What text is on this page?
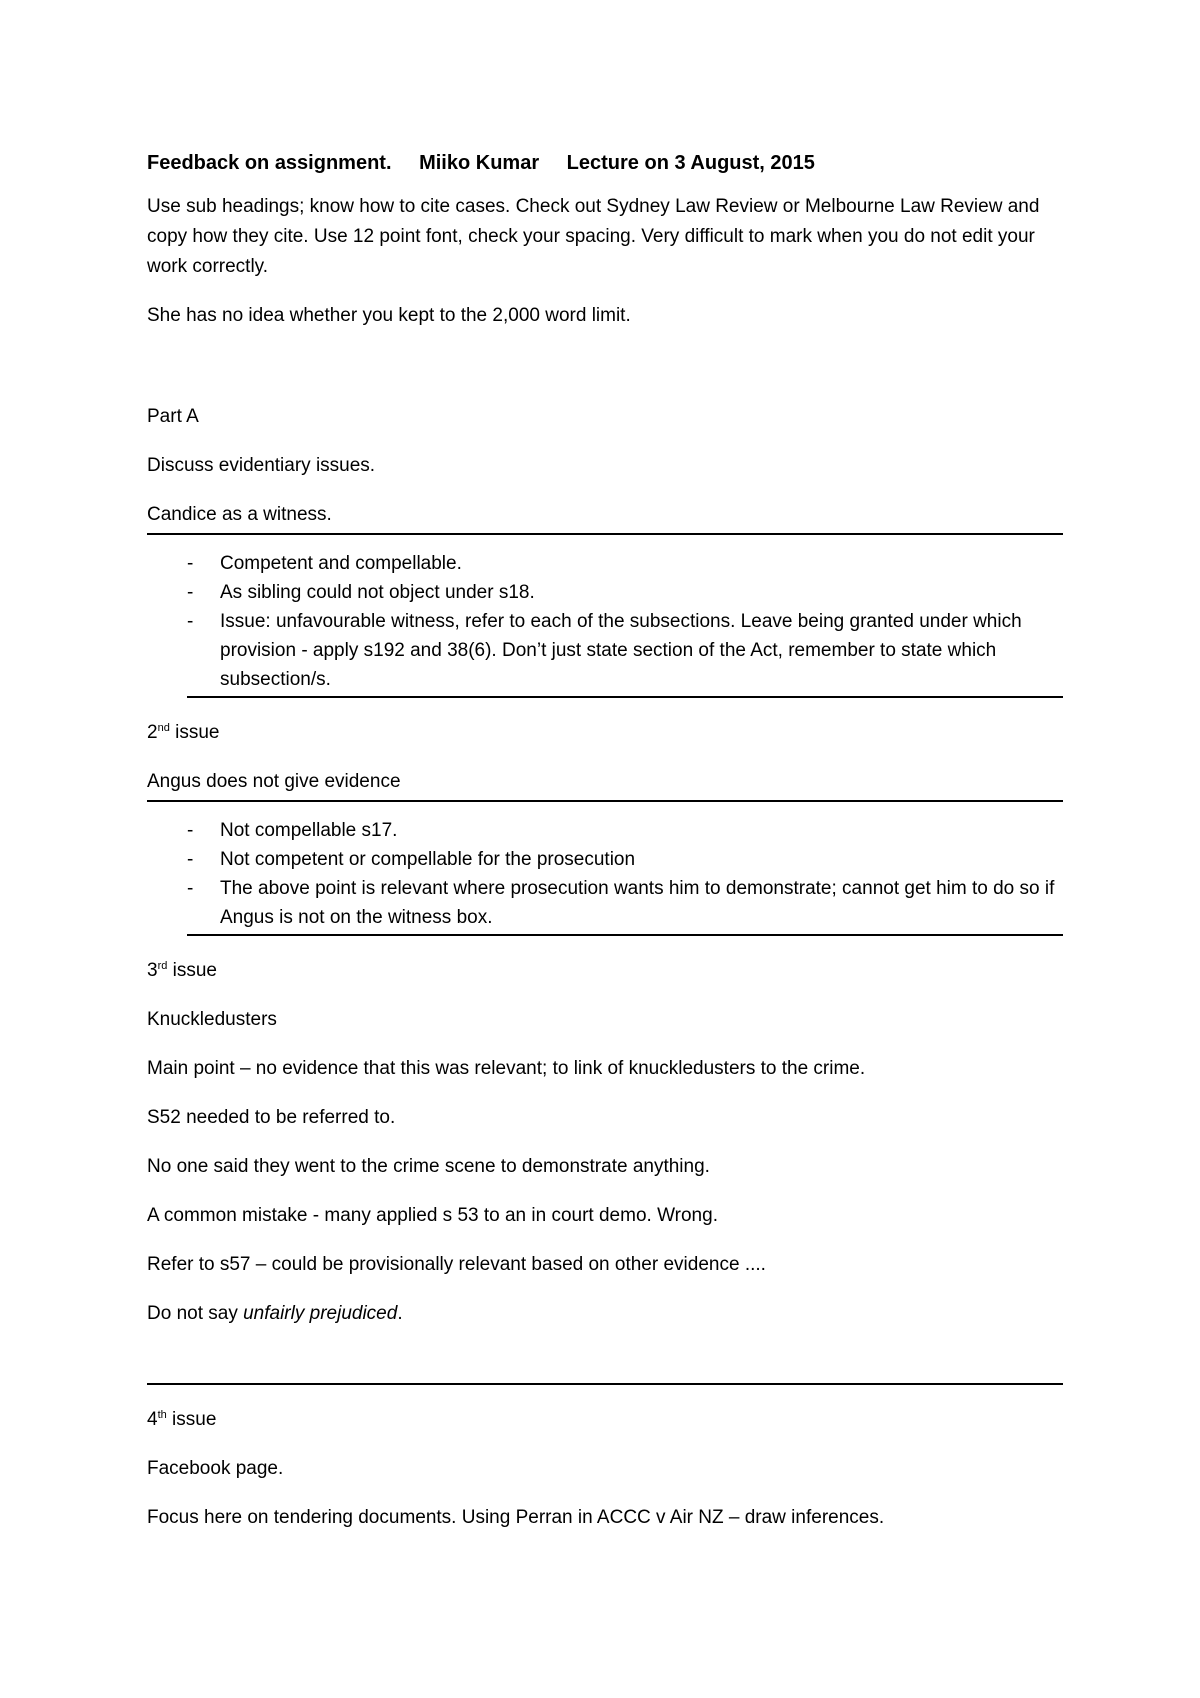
Feedback on assignment. Miiko Kumar Lecture on 3 August, 2015

Use sub headings; know how to cite cases. Check out Sydney Law Review or Melbourne Law Review and copy how they cite. Use 12 point font, check your spacing. Very difficult to mark when you do not edit your work correctly.

She has no idea whether you kept to the 2,000 word limit.

Part A

Discuss evidentiary issues.

Candice as a witness.

- Competent and compellable.
- As sibling could not object under s18.
- Issue: unfavourable witness, refer to each of the subsections. Leave being granted under which provision - apply s192 and 38(6). Don’t just state section of the Act, remember to state which subsection/s.

2nd issue

Angus does not give evidence

- Not compellable s17.
- Not competent or compellable for the prosecution
- The above point is relevant where prosecution wants him to demonstrate; cannot get him to do so if Angus is not on the witness box.

3rd issue

Knuckledusters

Main point – no evidence that this was relevant; to link of knuckledusters to the crime.

S52 needed to be referred to.

No one said they went to the crime scene to demonstrate anything.

A common mistake - many applied s 53 to an in court demo. Wrong.

Refer to s57 – could be provisionally relevant based on other evidence ....

Do not say unfairly prejudiced.

4th issue

Facebook page.

Focus here on tendering documents. Using Perran in ACCC v Air NZ – draw inferences.
